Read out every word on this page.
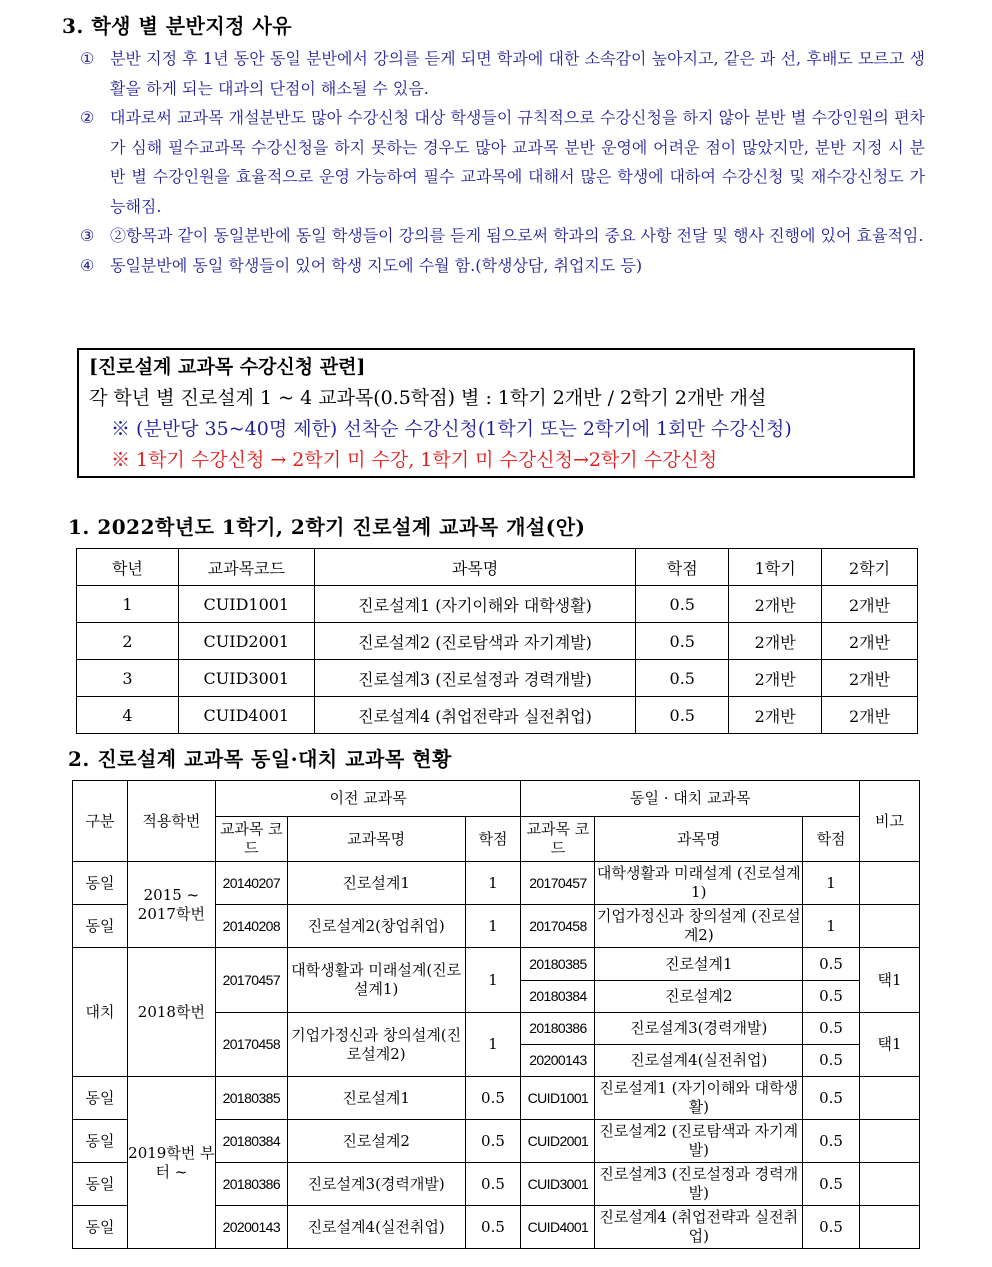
3. 학생 별 분반지정 사유
① 분반 지정 후 1년 동안 동일 분반에서 강의를 듣게 되면 학과에 대한 소속감이 높아지고, 같은 과 선, 후배도 모르고 생활을 하게 되는 대과의 단점이 해소될 수 있음.
② 대과로써 교과목 개설분반도 많아 수강신청 대상 학생들이 규칙적으로 수강신청을 하지 않아 분반 별 수강인원의 편차가 심해 필수교과목 수강신청을 하지 못하는 경우도 많아 교과목 분반 운영에 어려운 점이 많았지만, 분반 지정 시 분반 별 수강인원을 효율적으로 운영 가능하여 필수 교과목에 대해서 많은 학생에 대하여 수강신청 및 재수강신청도 가능해짐.
③ ②항목과 같이 동일분반에 동일 학생들이 강의를 듣게 됨으로써 학과의 중요 사항 전달 및 행사 진행에 있어 효율적임.
④ 동일분반에 동일 학생들이 있어 학생 지도에 수월 함.(학생상담, 취업지도 등)
[진로설계 교과목 수강신청 관련]
각 학년 별 진로설계 1 ~ 4 교과목(0.5학점) 별 : 1학기 2개반 / 2학기 2개반 개설
※ (분반당 35~40명 제한) 선착순 수강신청(1학기 또는 2학기에 1회만 수강신청)
※ 1학기 수강신청 → 2학기 미 수강, 1학기 미 수강신청→2학기 수강신청
1. 2022학년도 1학기, 2학기 진로설계 교과목 개설(안)
학년	교과목코드	과목명	학점	1학기	2학기
1	CUID1001	진로설계1 (자기이해와 대학생활)	0.5	2개반	2개반
2	CUID2001	진로설계2 (진로탐색과 자기계발)	0.5	2개반	2개반
3	CUID3001	진로설계3 (진로설정과 경력개발)	0.5	2개반	2개반
4	CUID4001	진로설계4 (취업전략과 실전취업)	0.5	2개반	2개반
2. 진로설계 교과목 동일·대치 교과목 현황
구분	적용학번	이전 교과목			동일 · 대치 교과목			비고
		교과목 코드	교과목명	학점	교과목 코드	과목명	학점	
동일	2015 ~ 2017학번	20140207	진로설계1	1	20170457	대학생활과 미래설계 (진로설계1)	1	
동일		20140208	진로설계2(창업취업)	1	20170458	기업가정신과 창의설계 (진로설계2)	1	
대치	2018학번	20170457	대학생활과 미래설계(진로설계1)	1	20180385	진로설계1	0.5	택1
					20180384	진로설계2	0.5	
		20170458	기업가정신과 창의설계(진로설계2)	1	20180386	진로설계3(경력개발)	0.5	택1
					20200143	진로설계4(실전취업)	0.5	
동일	2019학번 부터 ~	20180385	진로설계1	0.5	CUID1001	진로설계1 (자기이해와 대학생활)	0.5	
동일		20180384	진로설계2	0.5	CUID2001	진로설계2 (진로탐색과 자기계발)	0.5	
동일		20180386	진로설계3(경력개발)	0.5	CUID3001	진로설계3 (진로설정과 경력개발)	0.5	
동일		20200143	진로설계4(실전취업)	0.5	CUID4001	진로설계4 (취업전략과 실전취업)	0.5	
